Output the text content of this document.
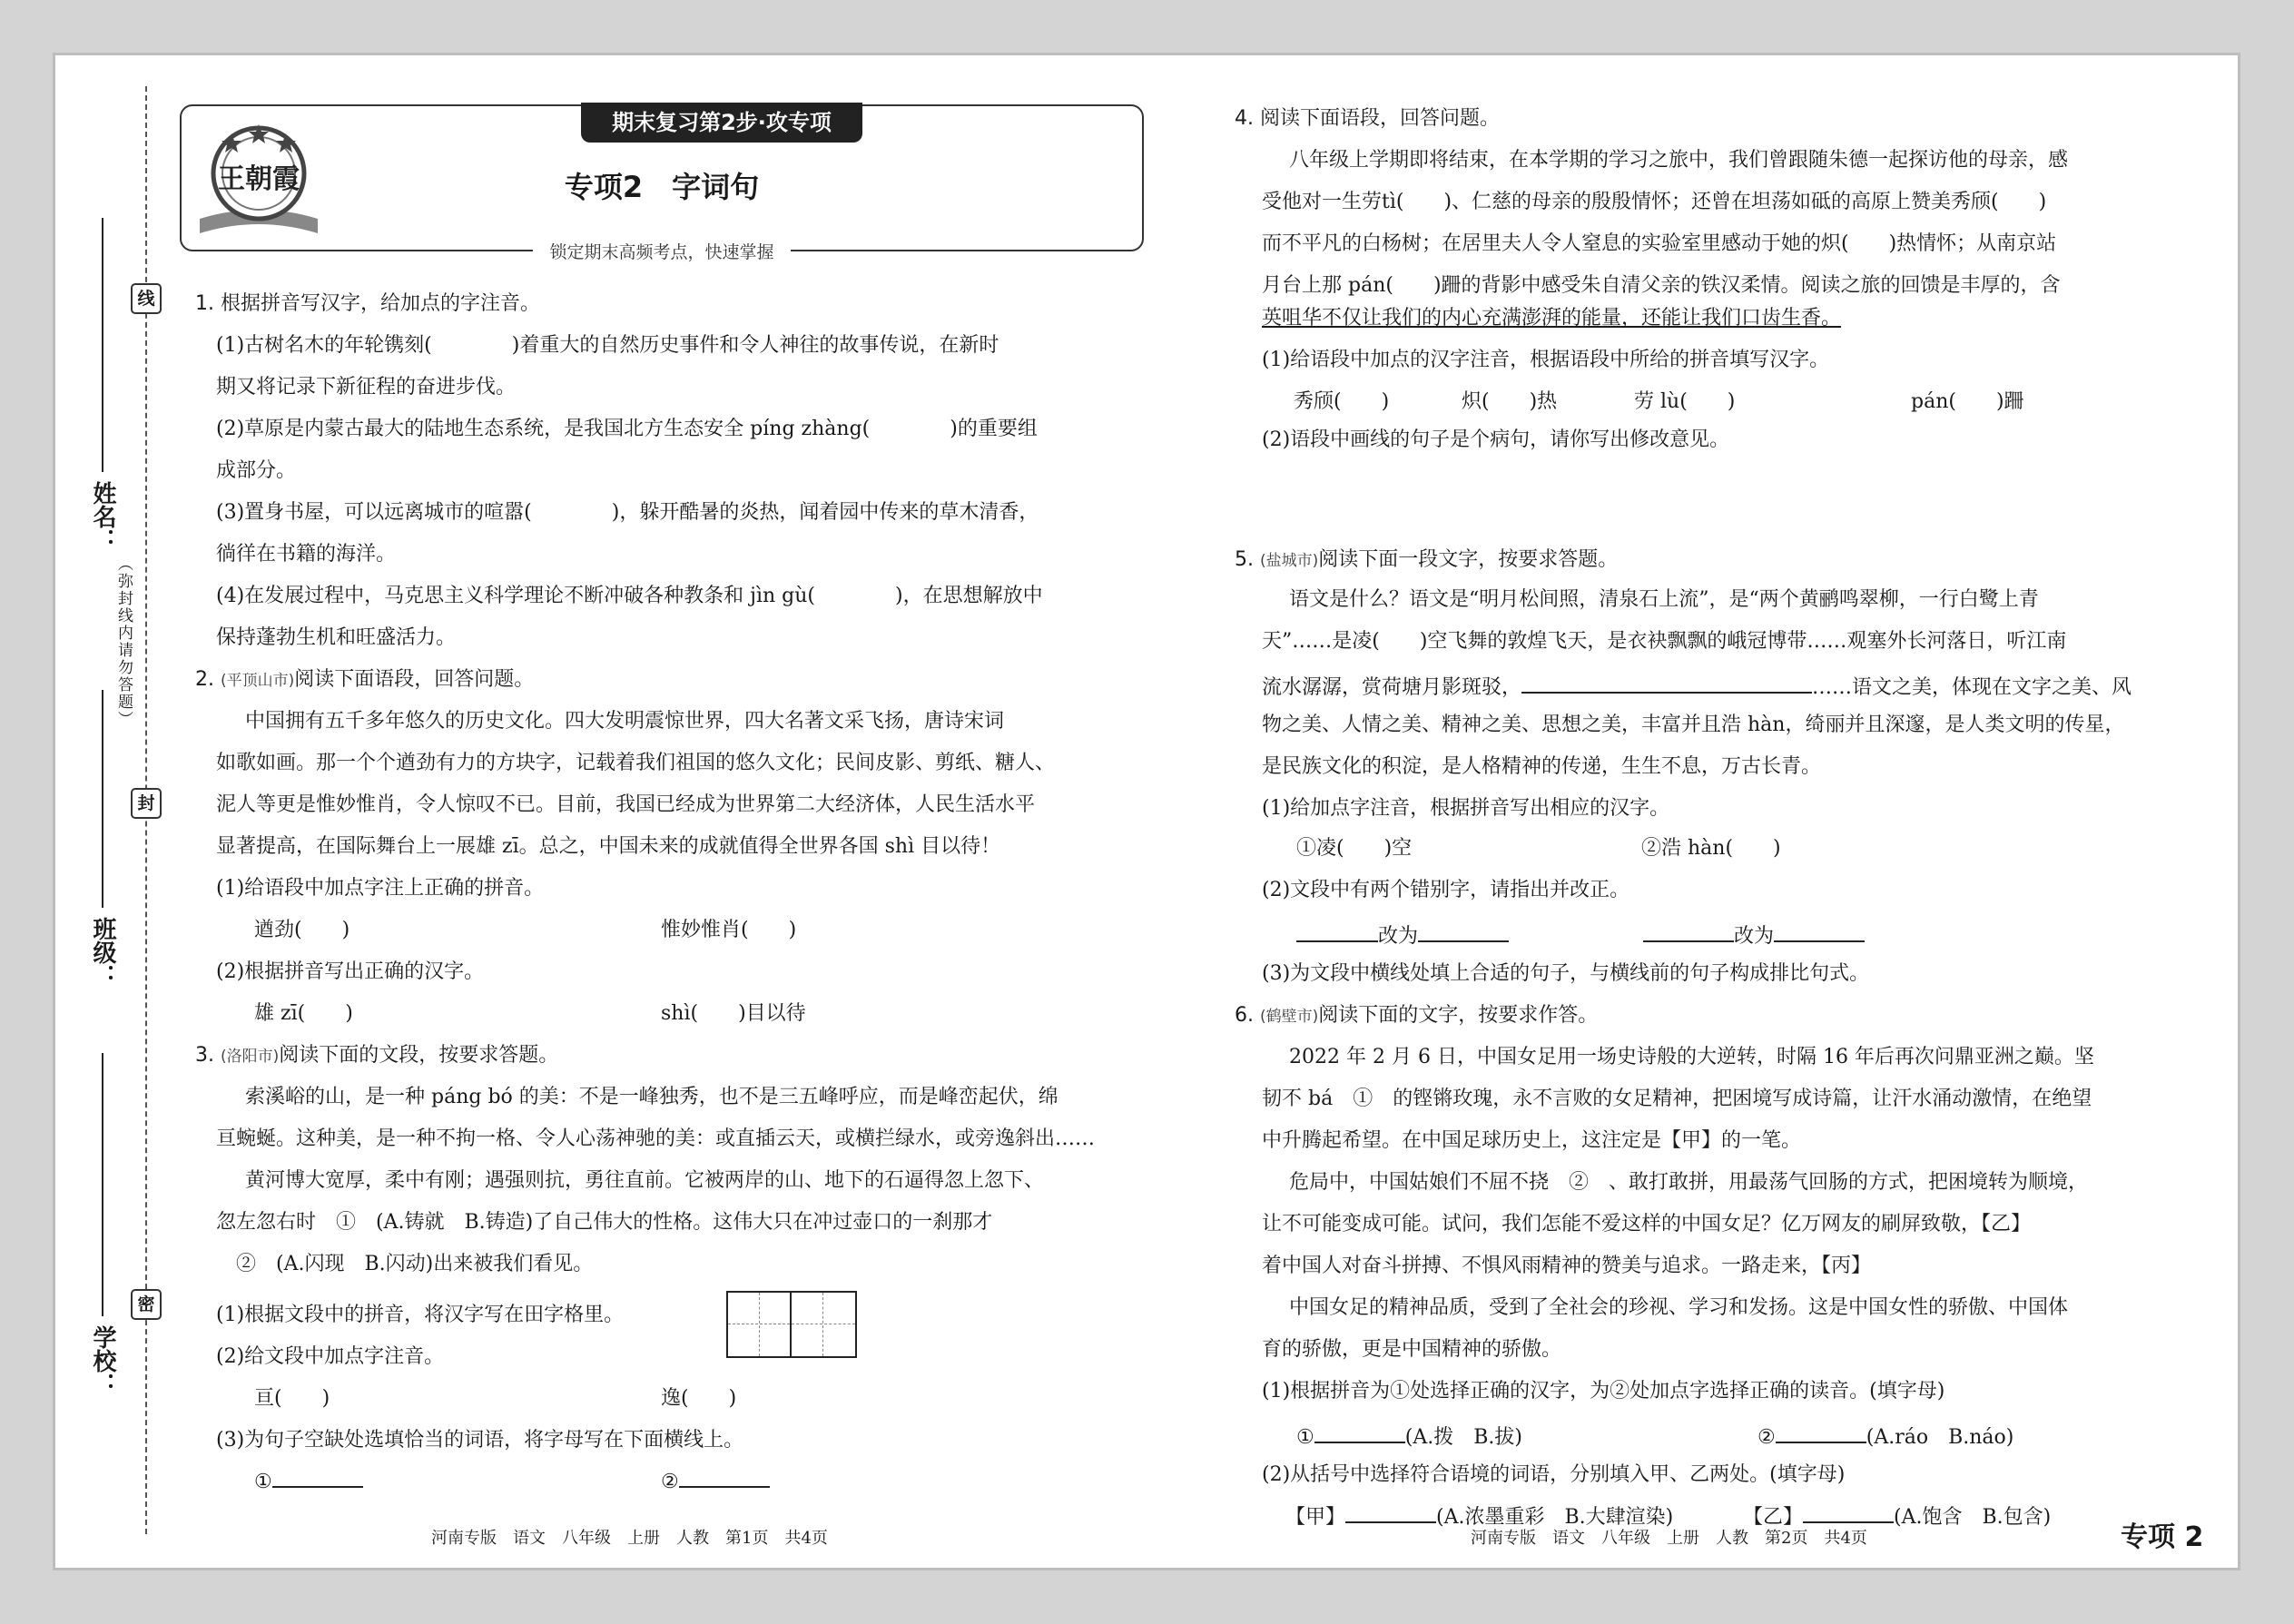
线
封
密
（弥封线内请勿答题）
姓名：
班级：
学校：
王朝霞
期末复习第2步·攻专项
专项2　字词句
锁定期末高频考点，快速掌握
1. 根据拼音写汉字，给加点的字注音。
(1)古树名木的年轮镌刻(　　　　)着重大的自然历史事件和令人神往的故事传说，在新时
期又将记录下新征程的奋进步伐。
(2)草原是内蒙古最大的陆地生态系统，是我国北方生态安全 píng zhàng(　　　　)的重要组
成部分。
(3)置身书屋，可以远离城市的喧嚣(　　　　)，躲开酷暑的炎热，闻着园中传来的草木清香，
徜徉在书籍的海洋。
(4)在发展过程中，马克思主义科学理论不断冲破各种教条和 jìn gù(　　　　)，在思想解放中
保持蓬勃生机和旺盛活力。
2. (平顶山市)阅读下面语段，回答问题。
中国拥有五千多年悠久的历史文化。四大发明震惊世界，四大名著文采飞扬，唐诗宋词
如歌如画。那一个个遒劲有力的方块字，记载着我们祖国的悠久文化；民间皮影、剪纸、糖人、
泥人等更是惟妙惟肖，令人惊叹不已。目前，我国已经成为世界第二大经济体，人民生活水平
显著提高，在国际舞台上一展雄 zī。总之，中国未来的成就值得全世界各国 shì 目以待！
(1)给语段中加点字注上正确的拼音。
遒劲(　　)	惟妙惟肖(　　)
(2)根据拼音写出正确的汉字。
雄 zī(　　)	shì(　　)目以待
3. (洛阳市)阅读下面的文段，按要求答题。
索溪峪的山，是一种 páng bó 的美：不是一峰独秀，也不是三五峰呼应，而是峰峦起伏，绵
亘蜿蜒。这种美，是一种不拘一格、令人心荡神驰的美：或直插云天，或横拦绿水，或旁逸斜出……
黄河博大宽厚，柔中有刚；遇强则抗，勇往直前。它被两岸的山、地下的石逼得忽上忽下、
忽左忽右时　①　(A.铸就　B.铸造)了自己伟大的性格。这伟大只在冲过壶口的一刹那才
　②　(A.闪现　B.闪动)出来被我们看见。
(1)根据文段中的拼音，将汉字写在田字格里。
(2)给文段中加点字注音。
亘(　　)	逸(　　)
(3)为句子空缺处选填恰当的词语，将字母写在下面横线上。
①	②
河南专版　语文　八年级　上册　人教　第1页　共4页
4. 阅读下面语段，回答问题。
八年级上学期即将结束，在本学期的学习之旅中，我们曾跟随朱德一起探访他的母亲，感
受他对一生劳tì(　　)、仁慈的母亲的殷殷情怀；还曾在坦荡如砥的高原上赞美秀颀(　　)
而不平凡的白杨树；在居里夫人令人窒息的实验室里感动于她的炽(　　)热情怀；从南京站
月台上那 pán(　　)跚的背影中感受朱自清父亲的铁汉柔情。阅读之旅的回馈是丰厚的，含
英咀华不仅让我们的内心充满澎湃的能量，还能让我们口齿生香。
(1)给语段中加点的汉字注音，根据语段中所给的拼音填写汉字。
秀颀(　　)	炽(　　)热	劳 lù(　　)	pán(　　)跚
(2)语段中画线的句子是个病句，请你写出修改意见。
5. (盐城市)阅读下面一段文字，按要求答题。
语文是什么？语文是“明月松间照，清泉石上流”，是“两个黄鹂鸣翠柳，一行白鹭上青
天”……是凌(　　)空飞舞的敦煌飞天，是衣袂飘飘的峨冠博带……观塞外长河落日，听江南
流水潺潺，赏荷塘月影斑驳，	……语文之美，体现在文字之美、风
物之美、人情之美、精神之美、思想之美，丰富并且浩 hàn，绮丽并且深邃，是人类文明的传星，
是民族文化的积淀，是人格精神的传递，生生不息，万古长青。
(1)给加点字注音，根据拼音写出相应的汉字。
①凌(　　)空	②浩 hàn(　　)
(2)文段中有两个错别字，请指出并改正。
改为	改为
(3)为文段中横线处填上合适的句子，与横线前的句子构成排比句式。
6. (鹤壁市)阅读下面的文字，按要求作答。
2022 年 2 月 6 日，中国女足用一场史诗般的大逆转，时隔 16 年后再次问鼎亚洲之巅。坚
韧不 bá　①　的铿锵玫瑰，永不言败的女足精神，把困境写成诗篇，让汗水涌动激情，在绝望
中升腾起希望。在中国足球历史上，这注定是【甲】的一笔。
危局中，中国姑娘们不屈不挠　②　、敢打敢拼，用最荡气回肠的方式，把困境转为顺境，
让不可能变成可能。试问，我们怎能不爱这样的中国女足？亿万网友的刷屏致敬，【乙】
着中国人对奋斗拼搏、不惧风雨精神的赞美与追求。一路走来，【丙】
中国女足的精神品质，受到了全社会的珍视、学习和发扬。这是中国女性的骄傲、中国体
育的骄傲，更是中国精神的骄傲。
(1)根据拼音为①处选择正确的汉字，为②处加点字选择正确的读音。(填字母)
①	(A.拨　B.拔)	②	(A.ráo　B.náo)
(2)从括号中选择符合语境的词语，分别填入甲、乙两处。(填字母)
【甲】	(A.浓墨重彩　B.大肆渲染)	【乙】	(A.饱含　B.包含)
河南专版　语文　八年级　上册　人教　第2页　共4页	专项 2
